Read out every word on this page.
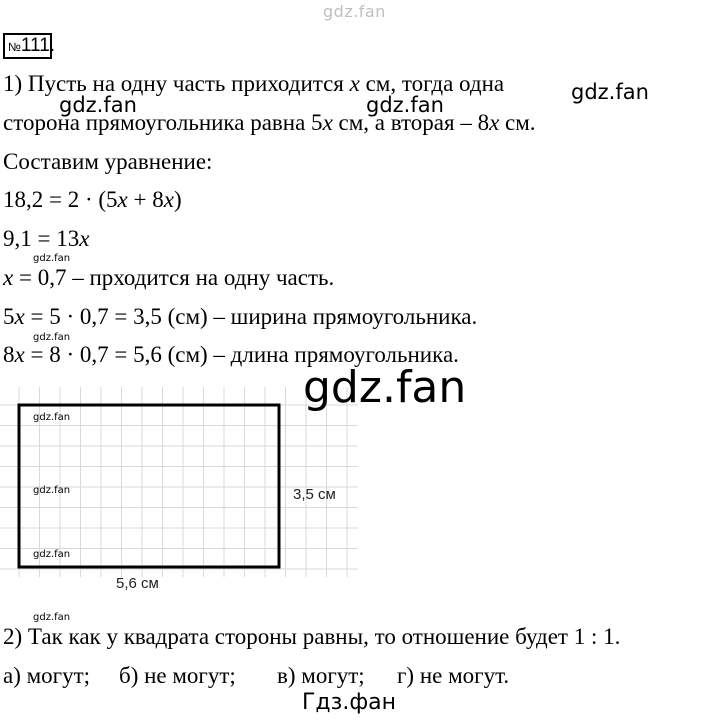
gdz.fan
№111.
1) Пусть на одну часть приходится x см, тогда одна	gdz.fan
gdz.fan	gdz.fan
сторона прямоугольника равна 5x см, а вторая – 8x см.
Составим уравнение:
18,2 = 2 · (5x + 8x)
9,1 = 13x
gdz.fan
x = 0,7 – прходится на одну часть.
5x = 5 · 0,7 = 3,5 (см) – ширина прямоугольника.
gdz.fan
8x = 8 · 0,7 = 5,6 (см) – длина прямоугольника.
gdz.fan
gdz.fan
gdz.fan
3,5 см
5,6 см
gdz.fan
gdz.fan
2) Так как у квадрата стороны равны, то отношение будет 1 : 1.
а) могут; б) не могут; в) могут; г) не могут.
Гдз.фан
